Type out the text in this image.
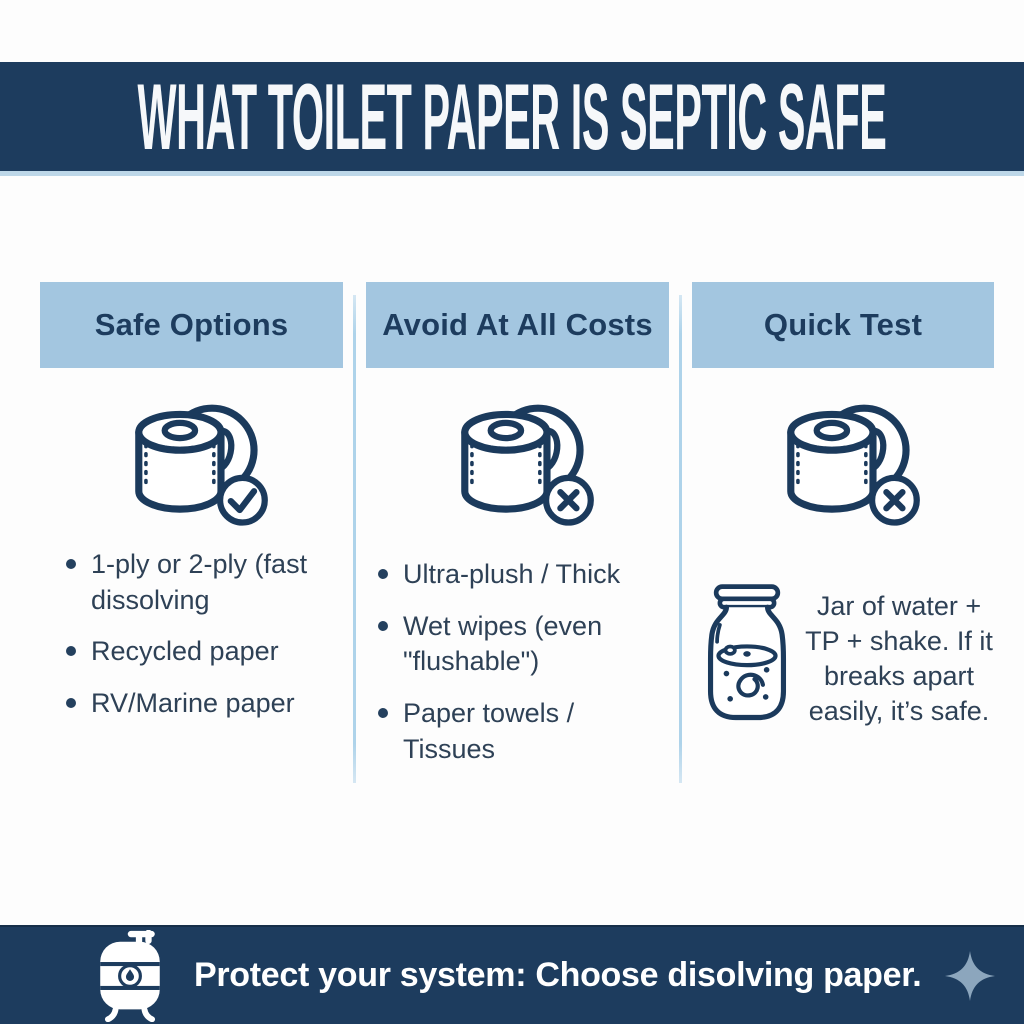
WHAT TOILET PAPER IS SEPTIC SAFE
Safe Options
1-ply or 2-ply (fast dissolving
Recycled paper
RV/Marine paper
Avoid At All Costs
Ultra-plush / Thick
Wet wipes (even "flushable")
Paper towels / Tissues
Quick Test

Jar of water + TP + shake. If it breaks apart easily, it’s safe.

Protect your system: Choose disolving paper.
